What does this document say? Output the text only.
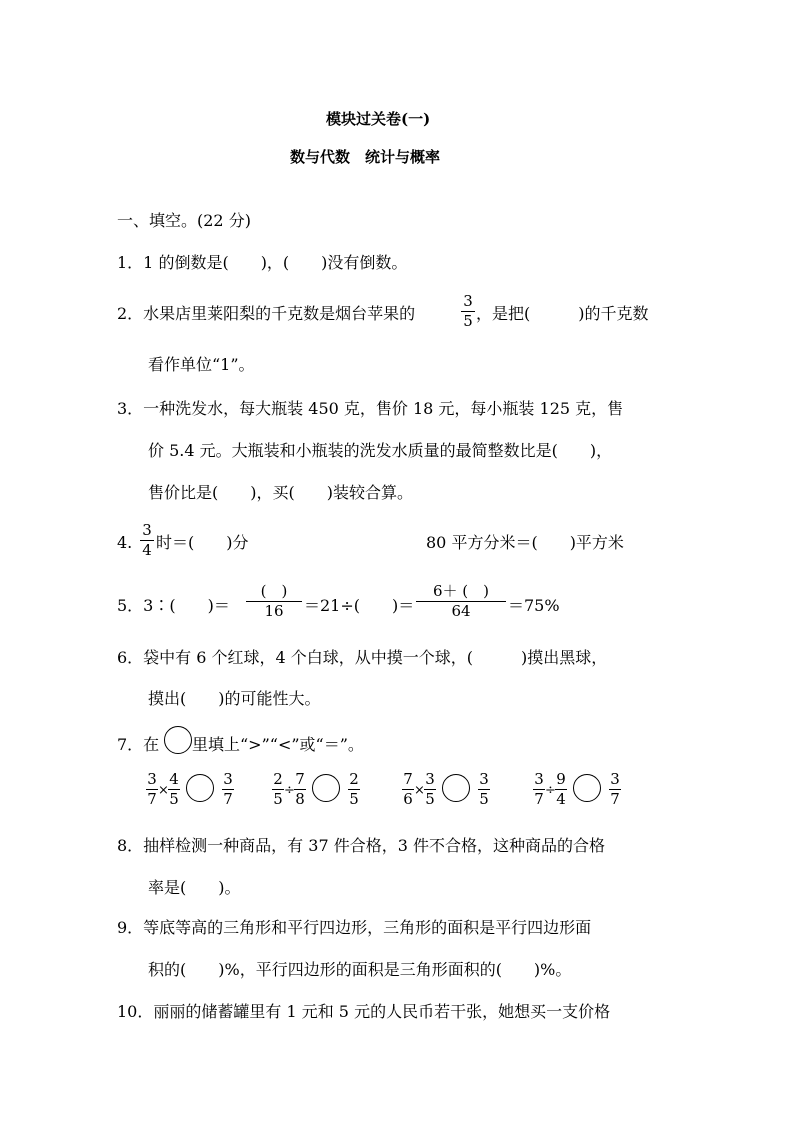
模块过关卷(一)
数与代数　统计与概率
一、填空。(22 分)
1．1 的倒数是(　　)，(　　)没有倒数。
2．水果店里莱阳梨的千克数是烟台苹果的
3
5 ，是把(　　　)的千克数
看作单位“1”。
3．一种洗发水，每大瓶装 450 克，售价 18 元，每小瓶装 125 克，售
价 5.4 元。大瓶装和小瓶装的洗发水质量的最简整数比是(　　)，
售价比是(　　)，买(　　)装较合算。
4.
3
4 时＝(　　)分	80 平方分米＝(　　)平方米
5．3∶(　　)＝
(　)
16	＝21÷(　　)＝
6＋ (　)
64	＝75%
6．袋中有 6 个红球，4 个白球，从中摸一个球，(　　　)摸出黑球，
摸出(　　)的可能性大。
7．在 里填上“>”“<”或“＝”。
3
7 ×
4
5
3
7
2
5 ÷
7
8
2
5
7
6 ×
3
5
3
5
3
7 ÷
9
4
3
7
8．抽样检测一种商品，有 37 件合格，3 件不合格，这种商品的合格
率是(　　)。
9．等底等高的三角形和平行四边形，三角形的面积是平行四边形面
积的(　　)%，平行四边形的面积是三角形面积的(　　)%。
10．丽丽的储蓄罐里有 1 元和 5 元的人民币若干张，她想买一支价格
